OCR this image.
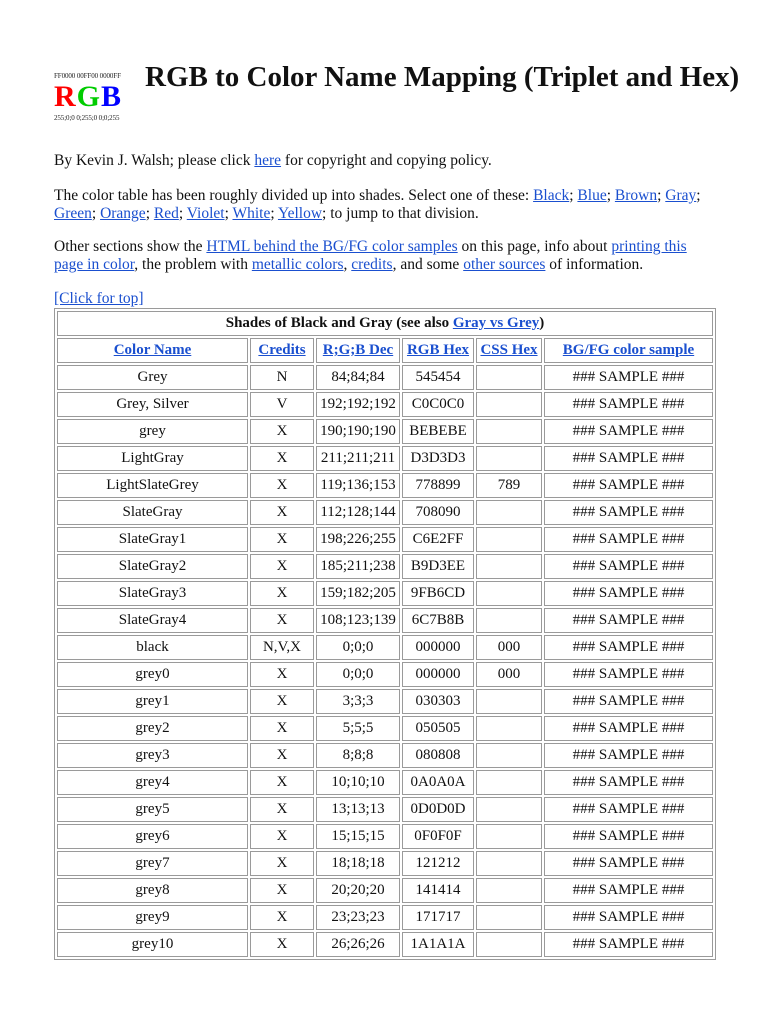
FF0000 00FF00 0000FF
RGB
255;0;0 0;255;0 0;0;255
RGB to Color Name Mapping (Triplet and Hex)

By Kevin J. Walsh; please click here for copyright and copying policy.

The color table has been roughly divided up into shades. Select one of these: Black; Blue; Brown; Gray; Green; Orange; Red; Violet; White; Yellow; to jump to that division.

Other sections show the HTML behind the BG/FG color samples on this page, info about printing this page in color, the problem with metallic colors, credits, and some other sources of information.

[Click for top]
Shades of Black and Gray (see also Gray vs Grey)					
Color Name	Credits	R;G;B Dec	RGB Hex	CSS Hex	BG/FG color sample
Grey	N	84;84;84	545454		### SAMPLE ###
Grey, Silver	V	192;192;192	C0C0C0		### SAMPLE ###
grey	X	190;190;190	BEBEBE		### SAMPLE ###
LightGray	X	211;211;211	D3D3D3		### SAMPLE ###
LightSlateGrey	X	119;136;153	778899	789	### SAMPLE ###
SlateGray	X	112;128;144	708090		### SAMPLE ###
SlateGray1	X	198;226;255	C6E2FF		### SAMPLE ###
SlateGray2	X	185;211;238	B9D3EE		### SAMPLE ###
SlateGray3	X	159;182;205	9FB6CD		### SAMPLE ###
SlateGray4	X	108;123;139	6C7B8B		### SAMPLE ###
black	N,V,X	0;0;0	000000	000	### SAMPLE ###
grey0	X	0;0;0	000000	000	### SAMPLE ###
grey1	X	3;3;3	030303		### SAMPLE ###
grey2	X	5;5;5	050505		### SAMPLE ###
grey3	X	8;8;8	080808		### SAMPLE ###
grey4	X	10;10;10	0A0A0A		### SAMPLE ###
grey5	X	13;13;13	0D0D0D		### SAMPLE ###
grey6	X	15;15;15	0F0F0F		### SAMPLE ###
grey7	X	18;18;18	121212		### SAMPLE ###
grey8	X	20;20;20	141414		### SAMPLE ###
grey9	X	23;23;23	171717		### SAMPLE ###
grey10	X	26;26;26	1A1A1A		### SAMPLE ###
